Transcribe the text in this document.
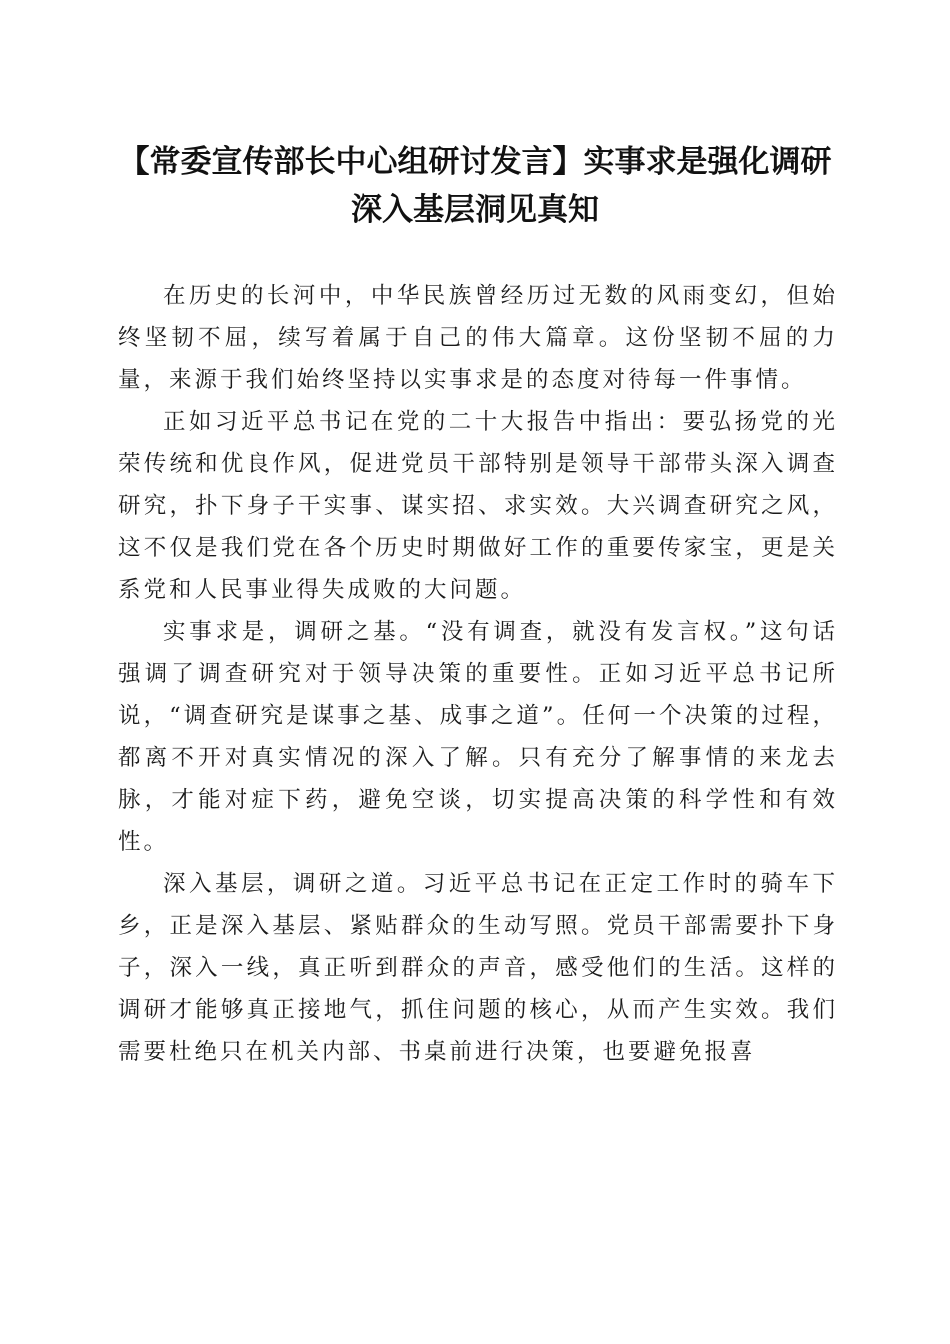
【常委宣传部长中心组研讨发言】实事求是强化调研深入基层洞见真知

在历史的长河中，中华民族曾经历过无数的风雨变幻，但始终坚韧不屈，续写着属于自己的伟大篇章。这份坚韧不屈的力量，来源于我们始终坚持以实事求是的态度对待每一件事情。

正如习近平总书记在党的二十大报告中指出：要弘扬党的光荣传统和优良作风，促进党员干部特别是领导干部带头深入调查研究，扑下身子干实事、谋实招、求实效。大兴调查研究之风，这不仅是我们党在各个历史时期做好工作的重要传家宝，更是关系党和人民事业得失成败的大问题。

实事求是，调研之基。“没有调查，就没有发言权。”这句话强调了调查研究对于领导决策的重要性。正如习近平总书记所说，“调查研究是谋事之基、成事之道”。任何一个决策的过程，都离不开对真实情况的深入了解。只有充分了解事情的来龙去脉，才能对症下药，避免空谈，切实提高决策的科学性和有效性。

深入基层，调研之道。习近平总书记在正定工作时的骑车下乡，正是深入基层、紧贴群众的生动写照。党员干部需要扑下身子，深入一线，真正听到群众的声音，感受他们的生活。这样的调研才能够真正接地气，抓住问题的核心，从而产生实效。我们需要杜绝只在机关内部、书桌前进行决策，也要避免报喜
